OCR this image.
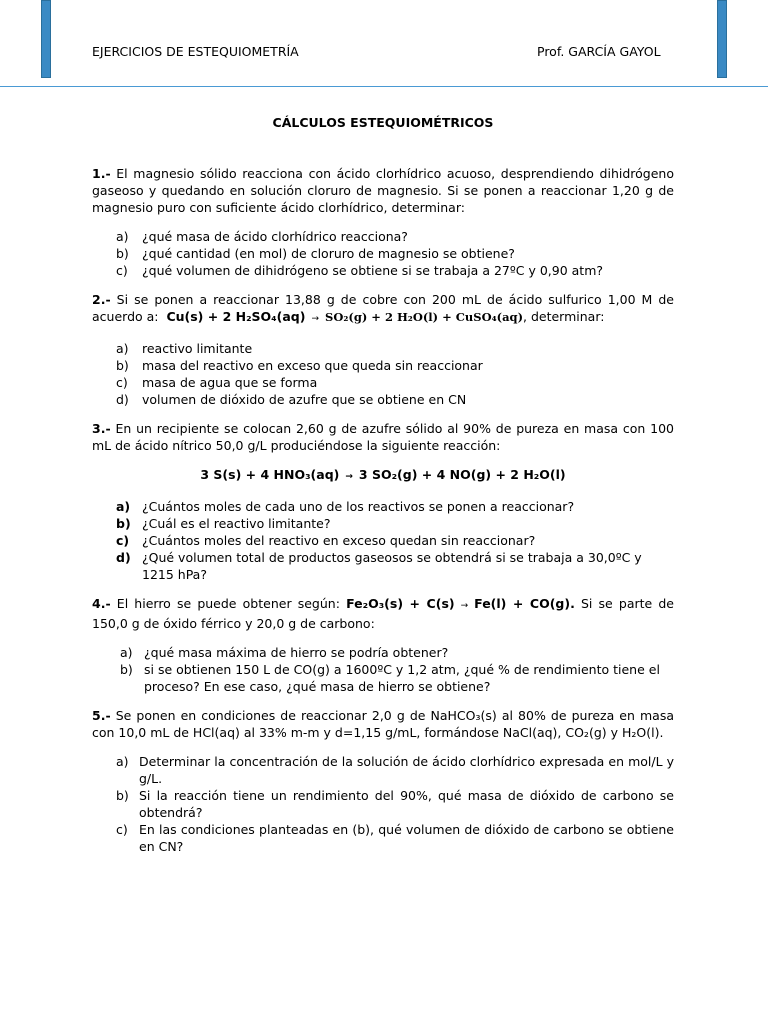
EJERCICIOS DE ESTEQUIOMETRÍA	Prof. GARCÍA GAYOL
CÁLCULOS ESTEQUIOMÉTRICOS

1.- El magnesio sólido reacciona con ácido clorhídrico acuoso, desprendiendo dihidrógeno gaseoso y quedando en solución cloruro de magnesio. Si se ponen a reaccionar 1,20 g de magnesio puro con suficiente ácido clorhídrico, determinar:

a) ¿qué masa de ácido clorhídrico reacciona?
b) ¿qué cantidad (en mol) de cloruro de magnesio se obtiene?
c) ¿qué volumen de dihidrógeno se obtiene si se trabaja a 27ºC y 0,90 atm?

2.- Si se ponen a reaccionar 13,88 g de cobre con 200 mL de ácido sulfurico 1,00 M de acuerdo a: Cu(s) + 2 H₂SO₄(aq) → SO₂(g) + 2 H₂O(l) + CuSO₄(aq), determinar:

a) reactivo limitante
b) masa del reactivo en exceso que queda sin reaccionar
c) masa de agua que se forma
d) volumen de dióxido de azufre que se obtiene en CN

3.- En un recipiente se colocan 2,60 g de azufre sólido al 90% de pureza en masa con 100 mL de ácido nítrico 50,0 g/L produciéndose la siguiente reacción:

3 S(s) + 4 HNO₃(aq) → 3 SO₂(g) + 4 NO(g) + 2 H₂O(l)

a) ¿Cuántos moles de cada uno de los reactivos se ponen a reaccionar?
b) ¿Cuál es el reactivo limitante?
c) ¿Cuántos moles del reactivo en exceso quedan sin reaccionar?
d) ¿Qué volumen total de productos gaseosos se obtendrá si se trabaja a 30,0ºC y 1215 hPa?

4.- El hierro se puede obtener según: Fe₂O₃(s) + C(s) → Fe(l) + CO(g). Si se parte de 150,0 g de óxido férrico y 20,0 g de carbono:

a) ¿qué masa máxima de hierro se podría obtener?
b) si se obtienen 150 L de CO(g) a 1600ºC y 1,2 atm, ¿qué % de rendimiento tiene el proceso? En ese caso, ¿qué masa de hierro se obtiene?

5.- Se ponen en condiciones de reaccionar 2,0 g de NaHCO₃(s) al 80% de pureza en masa con 10,0 mL de HCl(aq) al 33% m-m y d=1,15 g/mL, formándose NaCl(aq), CO₂(g) y H₂O(l).

a) Determinar la concentración de la solución de ácido clorhídrico expresada en mol/L y g/L.
b) Si la reacción tiene un rendimiento del 90%, qué masa de dióxido de carbono se obtendrá?
c) En las condiciones planteadas en (b), qué volumen de dióxido de carbono se obtiene en CN?
